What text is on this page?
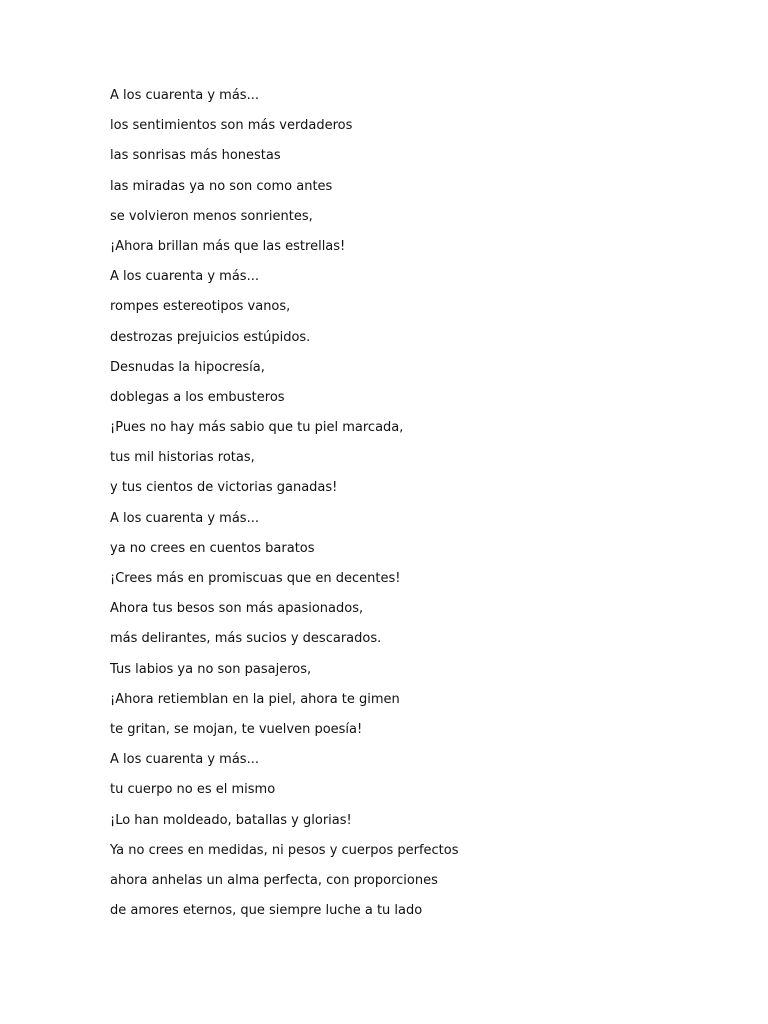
A los cuarenta y más...
los sentimientos son más verdaderos
las sonrisas más honestas
las miradas ya no son como antes
se volvieron menos sonrientes,
¡Ahora brillan más que las estrellas!
A los cuarenta y más...
rompes estereotipos vanos,
destrozas prejuicios estúpidos.
Desnudas la hipocresía,
doblegas a los embusteros
¡Pues no hay más sabio que tu piel marcada,
tus mil historias rotas,
y tus cientos de victorias ganadas!
A los cuarenta y más...
ya no crees en cuentos baratos
¡Crees más en promiscuas que en decentes!
Ahora tus besos son más apasionados,
más delirantes, más sucios y descarados.
Tus labios ya no son pasajeros,
¡Ahora retiemblan en la piel, ahora te gimen
te gritan, se mojan, te vuelven poesía!
A los cuarenta y más...
tu cuerpo no es el mismo
¡Lo han moldeado, batallas y glorias!
Ya no crees en medidas, ni pesos y cuerpos perfectos
ahora anhelas un alma perfecta, con proporciones
de amores eternos, que siempre luche a tu lado
